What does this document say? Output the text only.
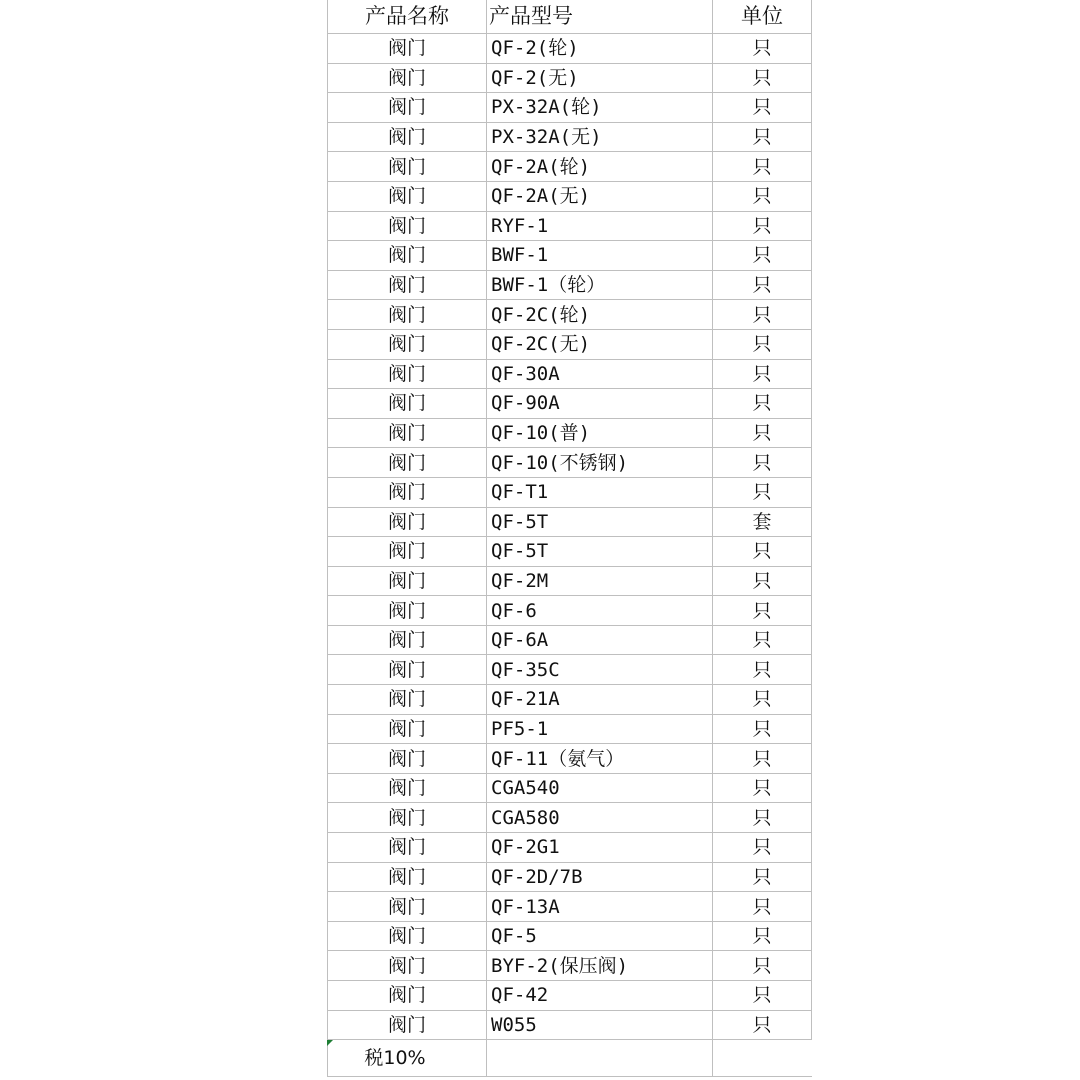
产品名称	产品型号	单位
阀门	QF-2(轮)	只
阀门	QF-2(无)	只
阀门	PX-32A(轮)	只
阀门	PX-32A(无)	只
阀门	QF-2A(轮)	只
阀门	QF-2A(无)	只
阀门	RYF-1	只
阀门	BWF-1	只
阀门	BWF-1（轮）	只
阀门	QF-2C(轮)	只
阀门	QF-2C(无)	只
阀门	QF-30A	只
阀门	QF-90A	只
阀门	QF-10(普)	只
阀门	QF-10(不锈钢)	只
阀门	QF-T1	只
阀门	QF-5T	套
阀门	QF-5T	只
阀门	QF-2M	只
阀门	QF-6	只
阀门	QF-6A	只
阀门	QF-35C	只
阀门	QF-21A	只
阀门	PF5-1	只
阀门	QF-11（氨气）	只
阀门	CGA540	只
阀门	CGA580	只
阀门	QF-2G1	只
阀门	QF-2D/7B	只
阀门	QF-13A	只
阀门	QF-5	只
阀门	BYF-2(保压阀)	只
阀门	QF-42	只
阀门	W055	只
税10%		
